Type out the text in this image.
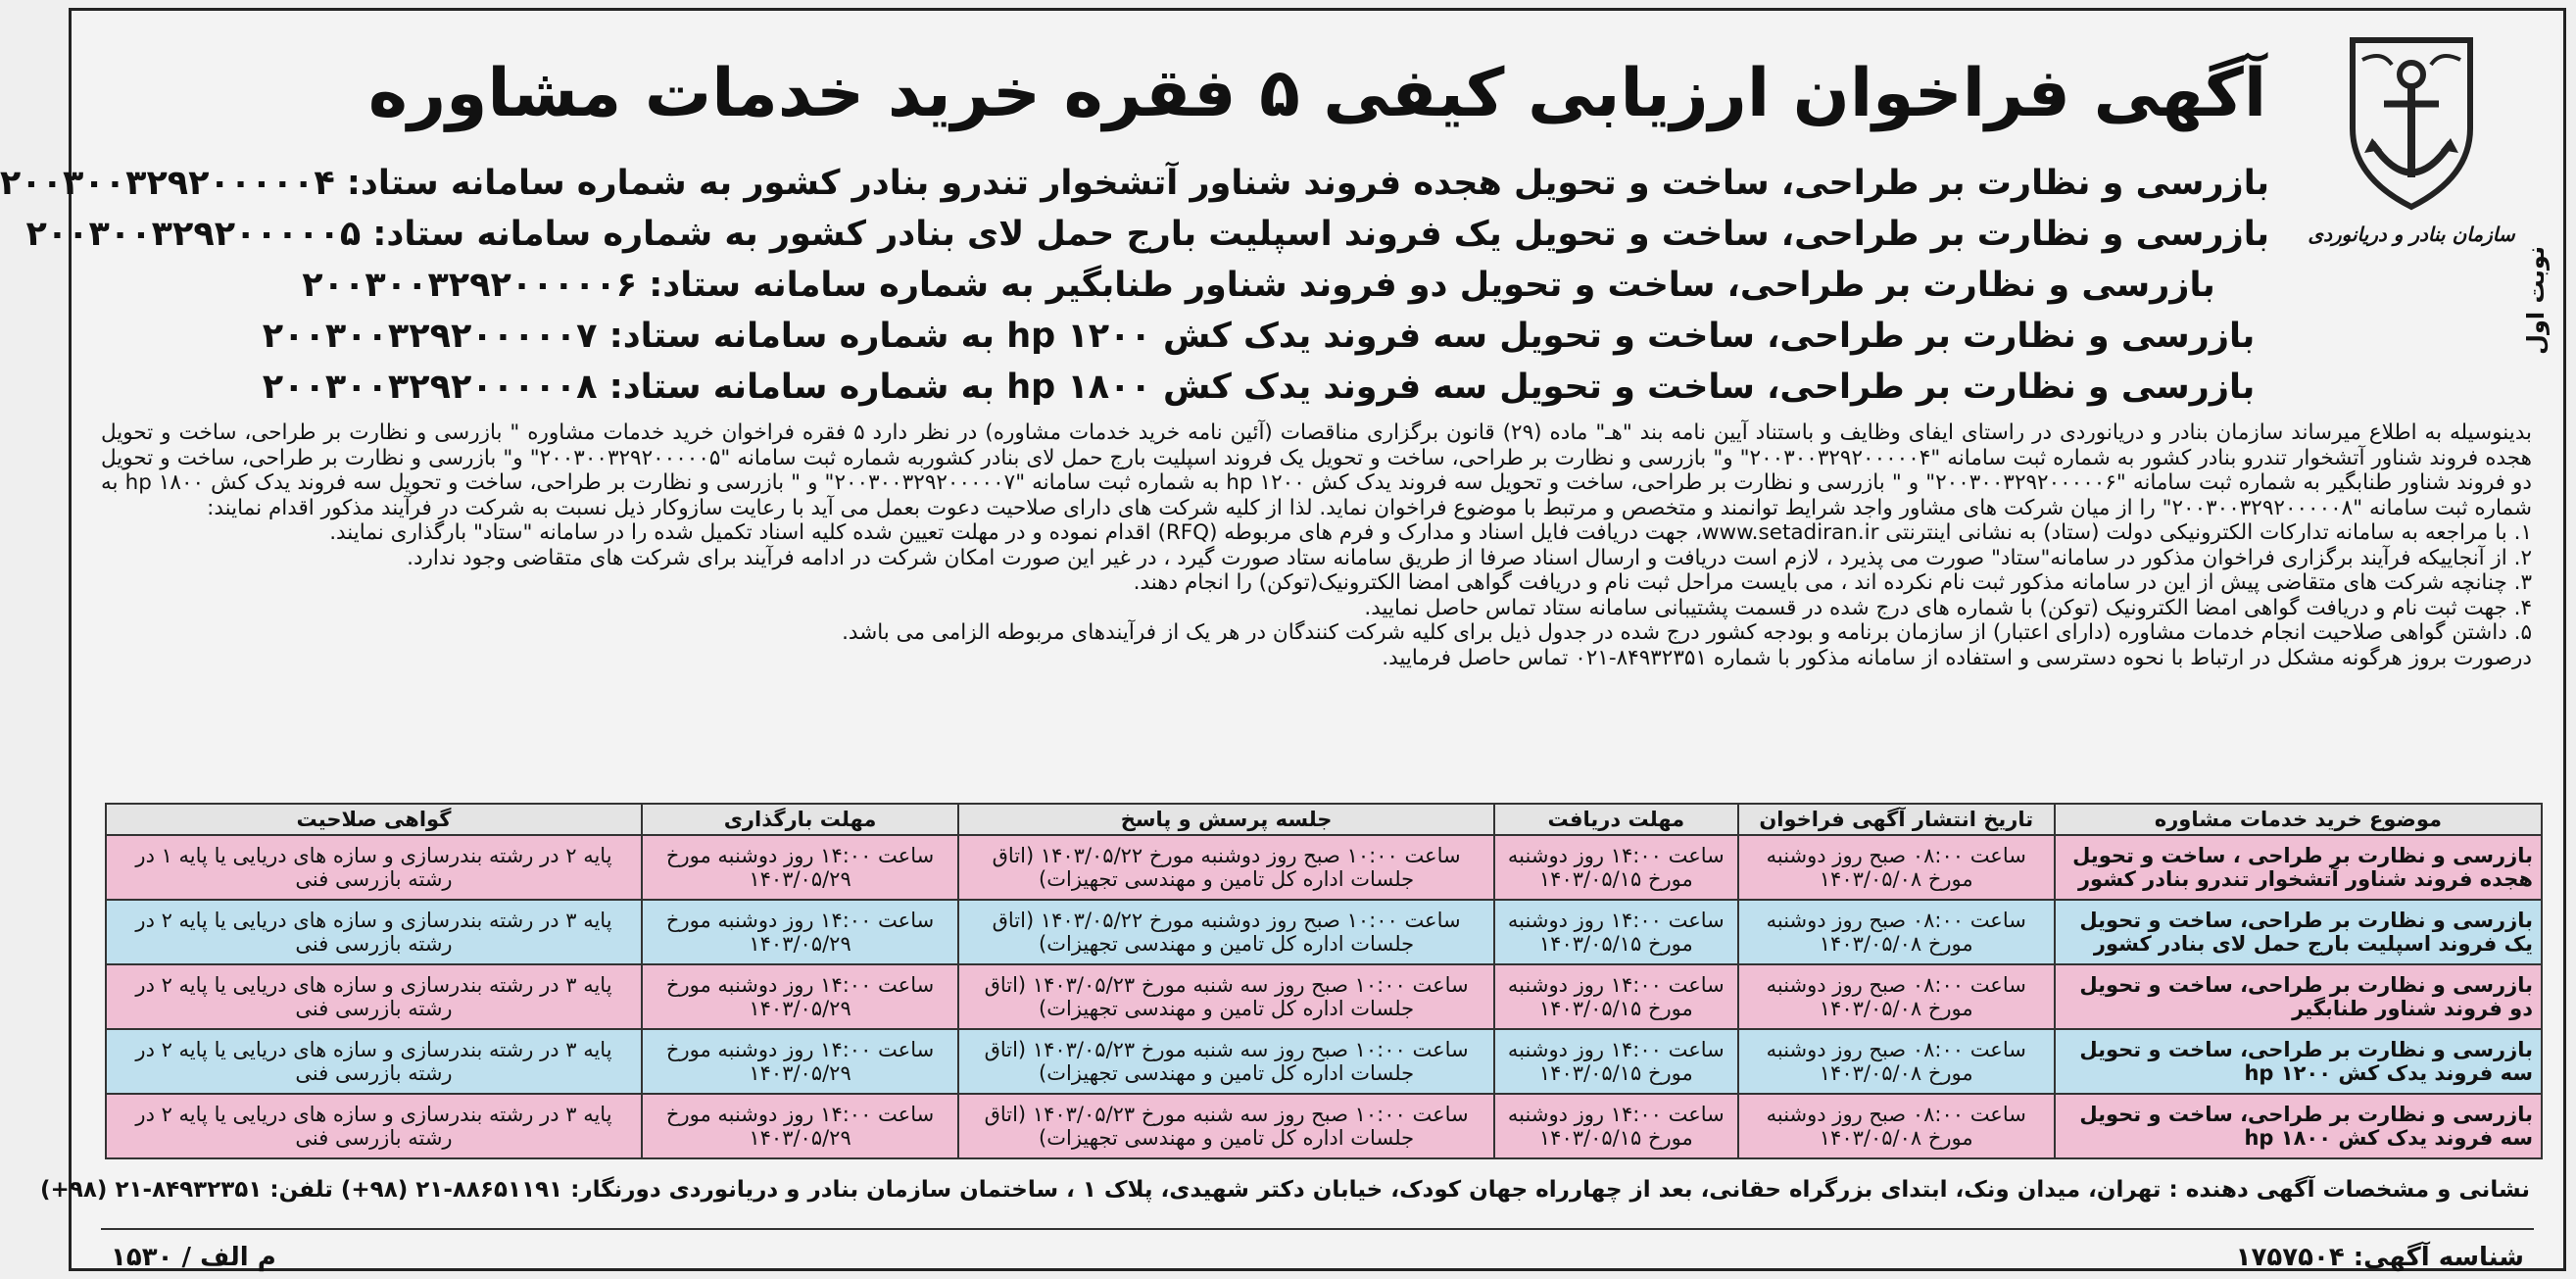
سازمان بنادر و دریانوردی
نوبت اول
آگهی فراخوان ارزیابی کیفی ۵ فقره خرید خدمات مشاوره
بازرسی و نظارت بر طراحی، ساخت و تحویل هجده فروند شناور آتشخوار تندرو بنادر کشور به شماره سامانه ستاد: ۲۰۰۳۰۰۳۲۹۲۰۰۰۰۰۴
بازرسی و نظارت بر طراحی، ساخت و تحویل یک فروند اسپلیت بارج حمل لای بنادر کشور به شماره سامانه ستاد: ۲۰۰۳۰۰۳۲۹۲۰۰۰۰۰۵
بازرسی و نظارت بر طراحی، ساخت و تحویل دو فروند شناور طنابگیر به شماره سامانه ستاد: ۲۰۰۳۰۰۳۲۹۲۰۰۰۰۰۶
بازرسی و نظارت بر طراحی، ساخت و تحویل سه فروند یدک کش hp ۱۲۰۰ به شماره سامانه ستاد: ۲۰۰۳۰۰۳۲۹۲۰۰۰۰۰۷
بازرسی و نظارت بر طراحی، ساخت و تحویل سه فروند یدک کش hp ۱۸۰۰ به شماره سامانه ستاد: ۲۰۰۳۰۰۳۲۹۲۰۰۰۰۰۸

بدینوسیله به اطلاع میرساند سازمان بنادر و دریانوردی در راستای ایفای وظایف و باستناد آیین نامه بند "هـ" ماده (۲۹) قانون برگزاری مناقصات (آئین نامه خرید خدمات مشاوره) در نظر دارد ۵ فقره فراخوان خرید خدمات مشاوره " بازرسی و نظارت بر طراحی، ساخت و تحویل هجده فروند شناور آتشخوار تندرو بنادر کشور به شماره ثبت سامانه "۲۰۰۳۰۰۳۲۹۲۰۰۰۰۰۴" و" بازرسی و نظارت بر طراحی، ساخت و تحویل یک فروند اسپلیت بارج حمل لای بنادر کشوربه شماره ثبت سامانه "۲۰۰۳۰۰۳۲۹۲۰۰۰۰۰۵" و" بازرسی و نظارت بر طراحی، ساخت و تحویل دو فروند شناور طنابگیر به شماره ثبت سامانه "۲۰۰۳۰۰۳۲۹۲۰۰۰۰۰۶" و " بازرسی و نظارت بر طراحی، ساخت و تحویل سه فروند یدک کش hp ۱۲۰۰ به شماره ثبت سامانه "۲۰۰۳۰۰۳۲۹۲۰۰۰۰۰۷" و " بازرسی و نظارت بر طراحی، ساخت و تحویل سه فروند یدک کش hp ۱۸۰۰ به شماره ثبت سامانه "۲۰۰۳۰۰۳۲۹۲۰۰۰۰۰۸" را از میان شرکت های مشاور واجد شرایط توانمند و متخصص و مرتبط با موضوع فراخوان نماید. لذا از کلیه شرکت های دارای صلاحیت دعوت بعمل می آید با رعایت سازوکار ذیل نسبت به شرکت در فرآیند مذکور اقدام نمایند:

۱. با مراجعه به سامانه تدارکات الکترونیکی دولت (ستاد) به نشانی اینترنتی www.setadiran.ir، جهت دریافت فایل اسناد و مدارک و فرم های مربوطه (RFQ) اقدام نموده و در مهلت تعیین شده کلیه اسناد تکمیل شده را در سامانه "ستاد" بارگذاری نمایند.

۲. از آنجاییکه فرآیند برگزاری فراخوان مذکور در سامانه"ستاد" صورت می پذیرد ، لازم است دریافت و ارسال اسناد صرفا از طریق سامانه ستاد صورت گیرد ، در غیر این صورت امکان شرکت در ادامه فرآیند برای شرکت های متقاضی وجود ندارد.

۳. چنانچه شرکت های متقاضی پیش از این در سامانه مذکور ثبت نام نکرده اند ، می بایست مراحل ثبت نام و دریافت گواهی امضا الکترونیک(توکن) را انجام دهند.

۴. جهت ثبت نام و دریافت گواهی امضا الکترونیک (توکن) با شماره های درج شده در قسمت پشتیبانی سامانه ستاد تماس حاصل نمایید.

۵. داشتن گواهی صلاحیت انجام خدمات مشاوره (دارای اعتبار) از سازمان برنامه و بودجه کشور درج شده در جدول ذیل برای کلیه شرکت کنندگان در هر یک از فرآیندهای مربوطه الزامی می باشد.

درصورت بروز هرگونه مشکل در ارتباط با نحوه دسترسی و استفاده از سامانه مذکور با شماره ۸۴۹۳۲۳۵۱-۰۲۱ تماس حاصل فرمایید.

موضوع خرید خدمات مشاوره	تاریخ انتشار آگهی فراخوان	مهلت دریافت	جلسه پرسش و پاسخ	مهلت بارگذاری	گواهی صلاحیت
بازرسی و نظارت بر طراحی ، ساخت و تحویل هجده فروند شناور آتشخوار تندرو بنادر کشور	ساعت ۰۸:۰۰ صبح روز دوشنبه مورخ ۱۴۰۳/۰۵/۰۸	ساعت ۱۴:۰۰ روز دوشنبه مورخ ۱۴۰۳/۰۵/۱۵	ساعت ۱۰:۰۰ صبح روز دوشنبه مورخ ۱۴۰۳/۰۵/۲۲ (اتاق جلسات اداره کل تامین و مهندسی تجهیزات)	ساعت ۱۴:۰۰ روز دوشنبه مورخ ۱۴۰۳/۰۵/۲۹	پایه ۲ در رشته بندرسازی و سازه های دریایی یا پایه ۱ در رشته بازرسی فنی
بازرسی و نظارت بر طراحی، ساخت و تحویل یک فروند اسپلیت بارج حمل لای بنادر کشور	ساعت ۰۸:۰۰ صبح روز دوشنبه مورخ ۱۴۰۳/۰۵/۰۸	ساعت ۱۴:۰۰ روز دوشنبه مورخ ۱۴۰۳/۰۵/۱۵	ساعت ۱۰:۰۰ صبح روز دوشنبه مورخ ۱۴۰۳/۰۵/۲۲ (اتاق جلسات اداره کل تامین و مهندسی تجهیزات)	ساعت ۱۴:۰۰ روز دوشنبه مورخ ۱۴۰۳/۰۵/۲۹	پایه ۳ در رشته بندرسازی و سازه های دریایی یا پایه ۲ در رشته بازرسی فنی
بازرسی و نظارت بر طراحی، ساخت و تحویل دو فروند شناور طنابگیر	ساعت ۰۸:۰۰ صبح روز دوشنبه مورخ ۱۴۰۳/۰۵/۰۸	ساعت ۱۴:۰۰ روز دوشنبه مورخ ۱۴۰۳/۰۵/۱۵	ساعت ۱۰:۰۰ صبح روز سه شنبه مورخ ۱۴۰۳/۰۵/۲۳ (اتاق جلسات اداره کل تامین و مهندسی تجهیزات)	ساعت ۱۴:۰۰ روز دوشنبه مورخ ۱۴۰۳/۰۵/۲۹	پایه ۳ در رشته بندرسازی و سازه های دریایی یا پایه ۲ در رشته بازرسی فنی
بازرسی و نظارت بر طراحی، ساخت و تحویل سه فروند یدک کش hp ۱۲۰۰	ساعت ۰۸:۰۰ صبح روز دوشنبه مورخ ۱۴۰۳/۰۵/۰۸	ساعت ۱۴:۰۰ روز دوشنبه مورخ ۱۴۰۳/۰۵/۱۵	ساعت ۱۰:۰۰ صبح روز سه شنبه مورخ ۱۴۰۳/۰۵/۲۳ (اتاق جلسات اداره کل تامین و مهندسی تجهیزات)	ساعت ۱۴:۰۰ روز دوشنبه مورخ ۱۴۰۳/۰۵/۲۹	پایه ۳ در رشته بندرسازی و سازه های دریایی یا پایه ۲ در رشته بازرسی فنی
بازرسی و نظارت بر طراحی، ساخت و تحویل سه فروند یدک کش hp ۱۸۰۰	ساعت ۰۸:۰۰ صبح روز دوشنبه مورخ ۱۴۰۳/۰۵/۰۸	ساعت ۱۴:۰۰ روز دوشنبه مورخ ۱۴۰۳/۰۵/۱۵	ساعت ۱۰:۰۰ صبح روز سه شنبه مورخ ۱۴۰۳/۰۵/۲۳ (اتاق جلسات اداره کل تامین و مهندسی تجهیزات)	ساعت ۱۴:۰۰ روز دوشنبه مورخ ۱۴۰۳/۰۵/۲۹	پایه ۳ در رشته بندرسازی و سازه های دریایی یا پایه ۲ در رشته بازرسی فنی
نشانی و مشخصات آگهی دهنده : تهران، میدان ونک، ابتدای بزرگراه حقانی، بعد از چهارراه جهان کودک، خیابان دکتر شهیدی، پلاک ۱ ، ساختمان سازمان بنادر و دریانوردی دورنگار: ۸۸۶۵۱۱۹۱-۲۱ (۹۸+) تلفن: ۸۴۹۳۲۳۵۱-۲۱ (۹۸+)
شناسه آگهی: ۱۷۵۷۵۰۴
م الف / ۱۵۳۰
